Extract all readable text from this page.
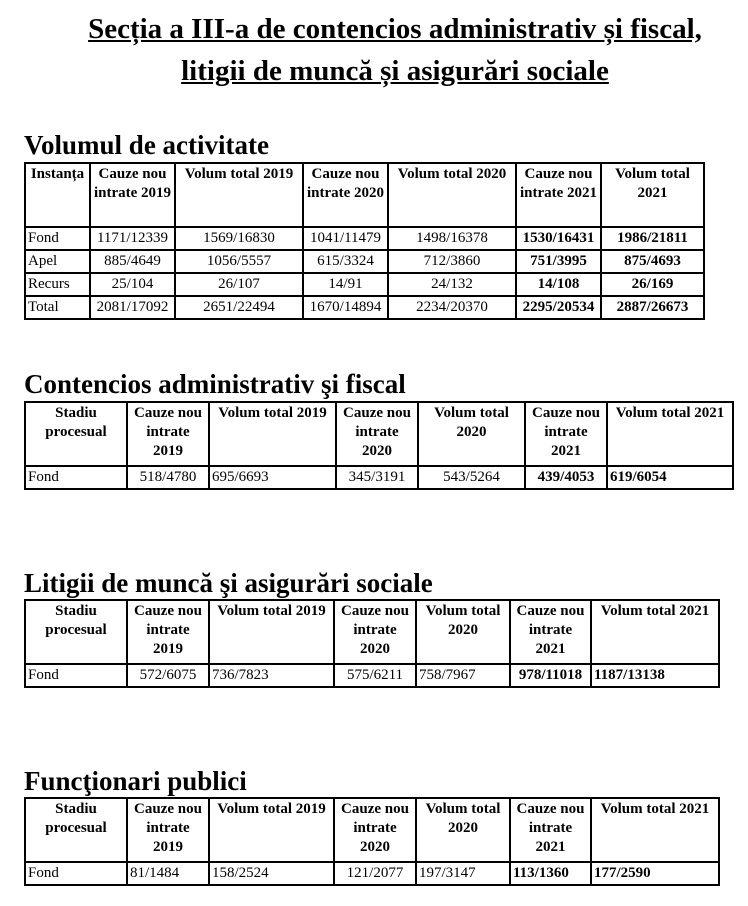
Secția a III-a de contencios administrativ și fiscal,
litigii de muncă și asigurări sociale
Volumul de activitate
Instanța	Cauze nou intrate 2019	Volum total 2019	Cauze nou intrate 2020	Volum total 2020	Cauze nou intrate 2021	Volum total 2021
Fond	1171/12339	1569/16830	1041/11479	1498/16378	1530/16431	1986/21811
Apel	885/4649	1056/5557	615/3324	712/3860	751/3995	875/4693
Recurs	25/104	26/107	14/91	24/132	14/108	26/169
Total	2081/17092	2651/22494	1670/14894	2234/20370	2295/20534	2887/26673
Contencios administrativ şi fiscal
Stadiu procesual	Cauze nou intrate 2019	Volum total 2019	Cauze nou intrate 2020	Volum total 2020	Cauze nou intrate 2021	Volum total 2021
Fond	518/4780	695/6693	345/3191	543/5264	439/4053	619/6054
Litigii de muncă şi asigurări sociale
Stadiu procesual	Cauze nou intrate 2019	Volum total 2019	Cauze nou intrate 2020	Volum total 2020	Cauze nou intrate 2021	Volum total 2021
Fond	572/6075	736/7823	575/6211	758/7967	978/11018	1187/13138
Funcţionari publici
Stadiu procesual	Cauze nou intrate 2019	Volum total 2019	Cauze nou intrate 2020	Volum total 2020	Cauze nou intrate 2021	Volum total 2021
Fond	81/1484	158/2524	121/2077	197/3147	113/1360	177/2590
